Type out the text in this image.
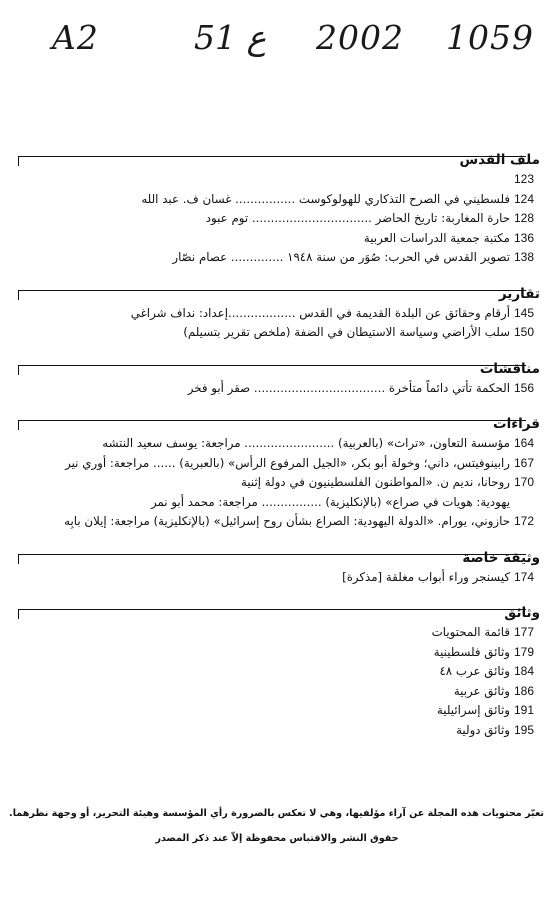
A2	51 ع 2002 1059
ملف القدس
123
124
فلسطيني في الصرح التذكاري للهولوكوست ................ غسان ف. عبد الله
128
حارة المغاربة: تاريخ الحاضر ................................ توم عبود
136
مكتبة جمعية الدراسات العربية
138
تصوير القدس في الحرب: صُوَر من سنة ١٩٤٨ .............. عصام نصّار
تقارير
145
أرقام وحقائق عن البلدة القديمة في القدس ..................إعداد: نداف شراغي
150
سلب الأراضي وسياسة الاستيطان في الضفة (ملخص تقرير بتسيلم)
مناقشات
156
الحكمة تأتي دائماً متأخرة ................................... صقر أبو فخر
قراءات
164
مؤسسة التعاون، «تراث» (بالعربية) ........................ مراجعة: يوسف سعيد النتشه
167
رابينوفيتس، داني؛ وخولة أبو بكر، «الجيل المرفوع الرأس» (بالعبرية) ...... مراجعة: أوري نير
170
روحانا، نديم ن. «المواطنون الفلسطينيون في دولة إثنية
يهودية: هويات في صراع» (بالإنكليزية) ................ مراجعة: محمد أبو نمر
172
حازوني، يورام. «الدولة اليهودية: الصراع بشأن روح إسرائيل» (بالإنكليزية) مراجعة: إيلان بابِه
وثيقة خاصة
174
كيسنجر وراء أبواب مغلقة [مذكرة]
وثائق
177
قائمة المحتويات
179
وثائق فلسطينية
184
وثائق عرب ٤٨
186
وثائق عربية
191
وثائق إسرائيلية
195
وثائق دولية
تعبّر محتويات هذه المجلة عن آراء مؤلفيها، وهي لا تعكس بالضرورة رأي المؤسسة وهيئة التحرير، أو وجهة نظرهما.
حقوق النشر والاقتباس محفوظة إلاّ عند ذكر المصدر
